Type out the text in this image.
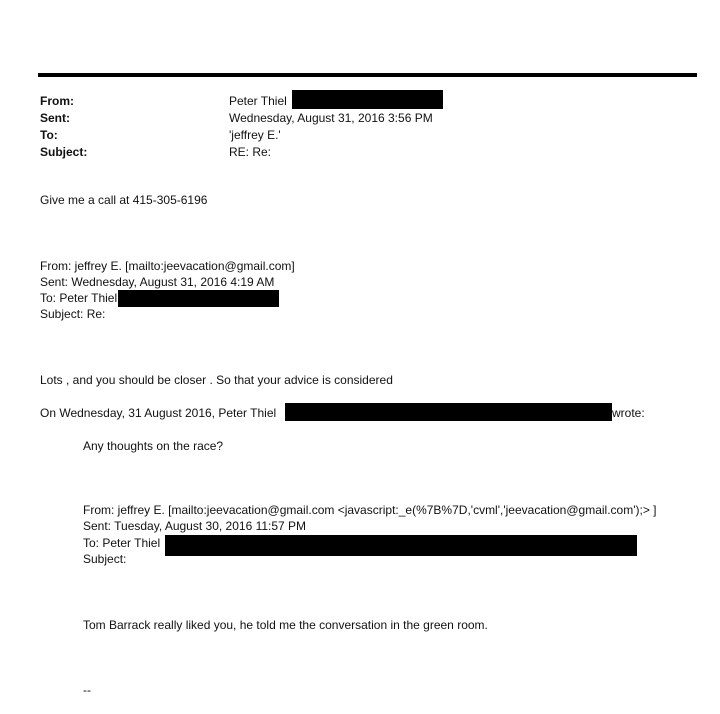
From:
Sent:
To:
Subject:
Peter Thiel
Wednesday, August 31, 2016 3:56 PM
'jeffrey E.'
RE: Re:
Give me a call at 415-305-6196
From: jeffrey E. [mailto:jeevacation@gmail.com]
Sent: Wednesday, August 31, 2016 4:19 AM
To: Peter Thiel
Subject: Re:
Lots , and you should be closer . So that your advice is considered
On Wednesday, 31 August 2016, Peter Thiel	wrote:
Any thoughts on the race?
From: jeffrey E. [mailto:jeevacation@gmail.com <javascript:_e(%7B%7D,'cvml','jeevacation@gmail.com');> ]
Sent: Tuesday, August 30, 2016 11:57 PM
To: Peter Thiel
Subject:
Tom Barrack really liked you, he told me the conversation in the green room.
--
